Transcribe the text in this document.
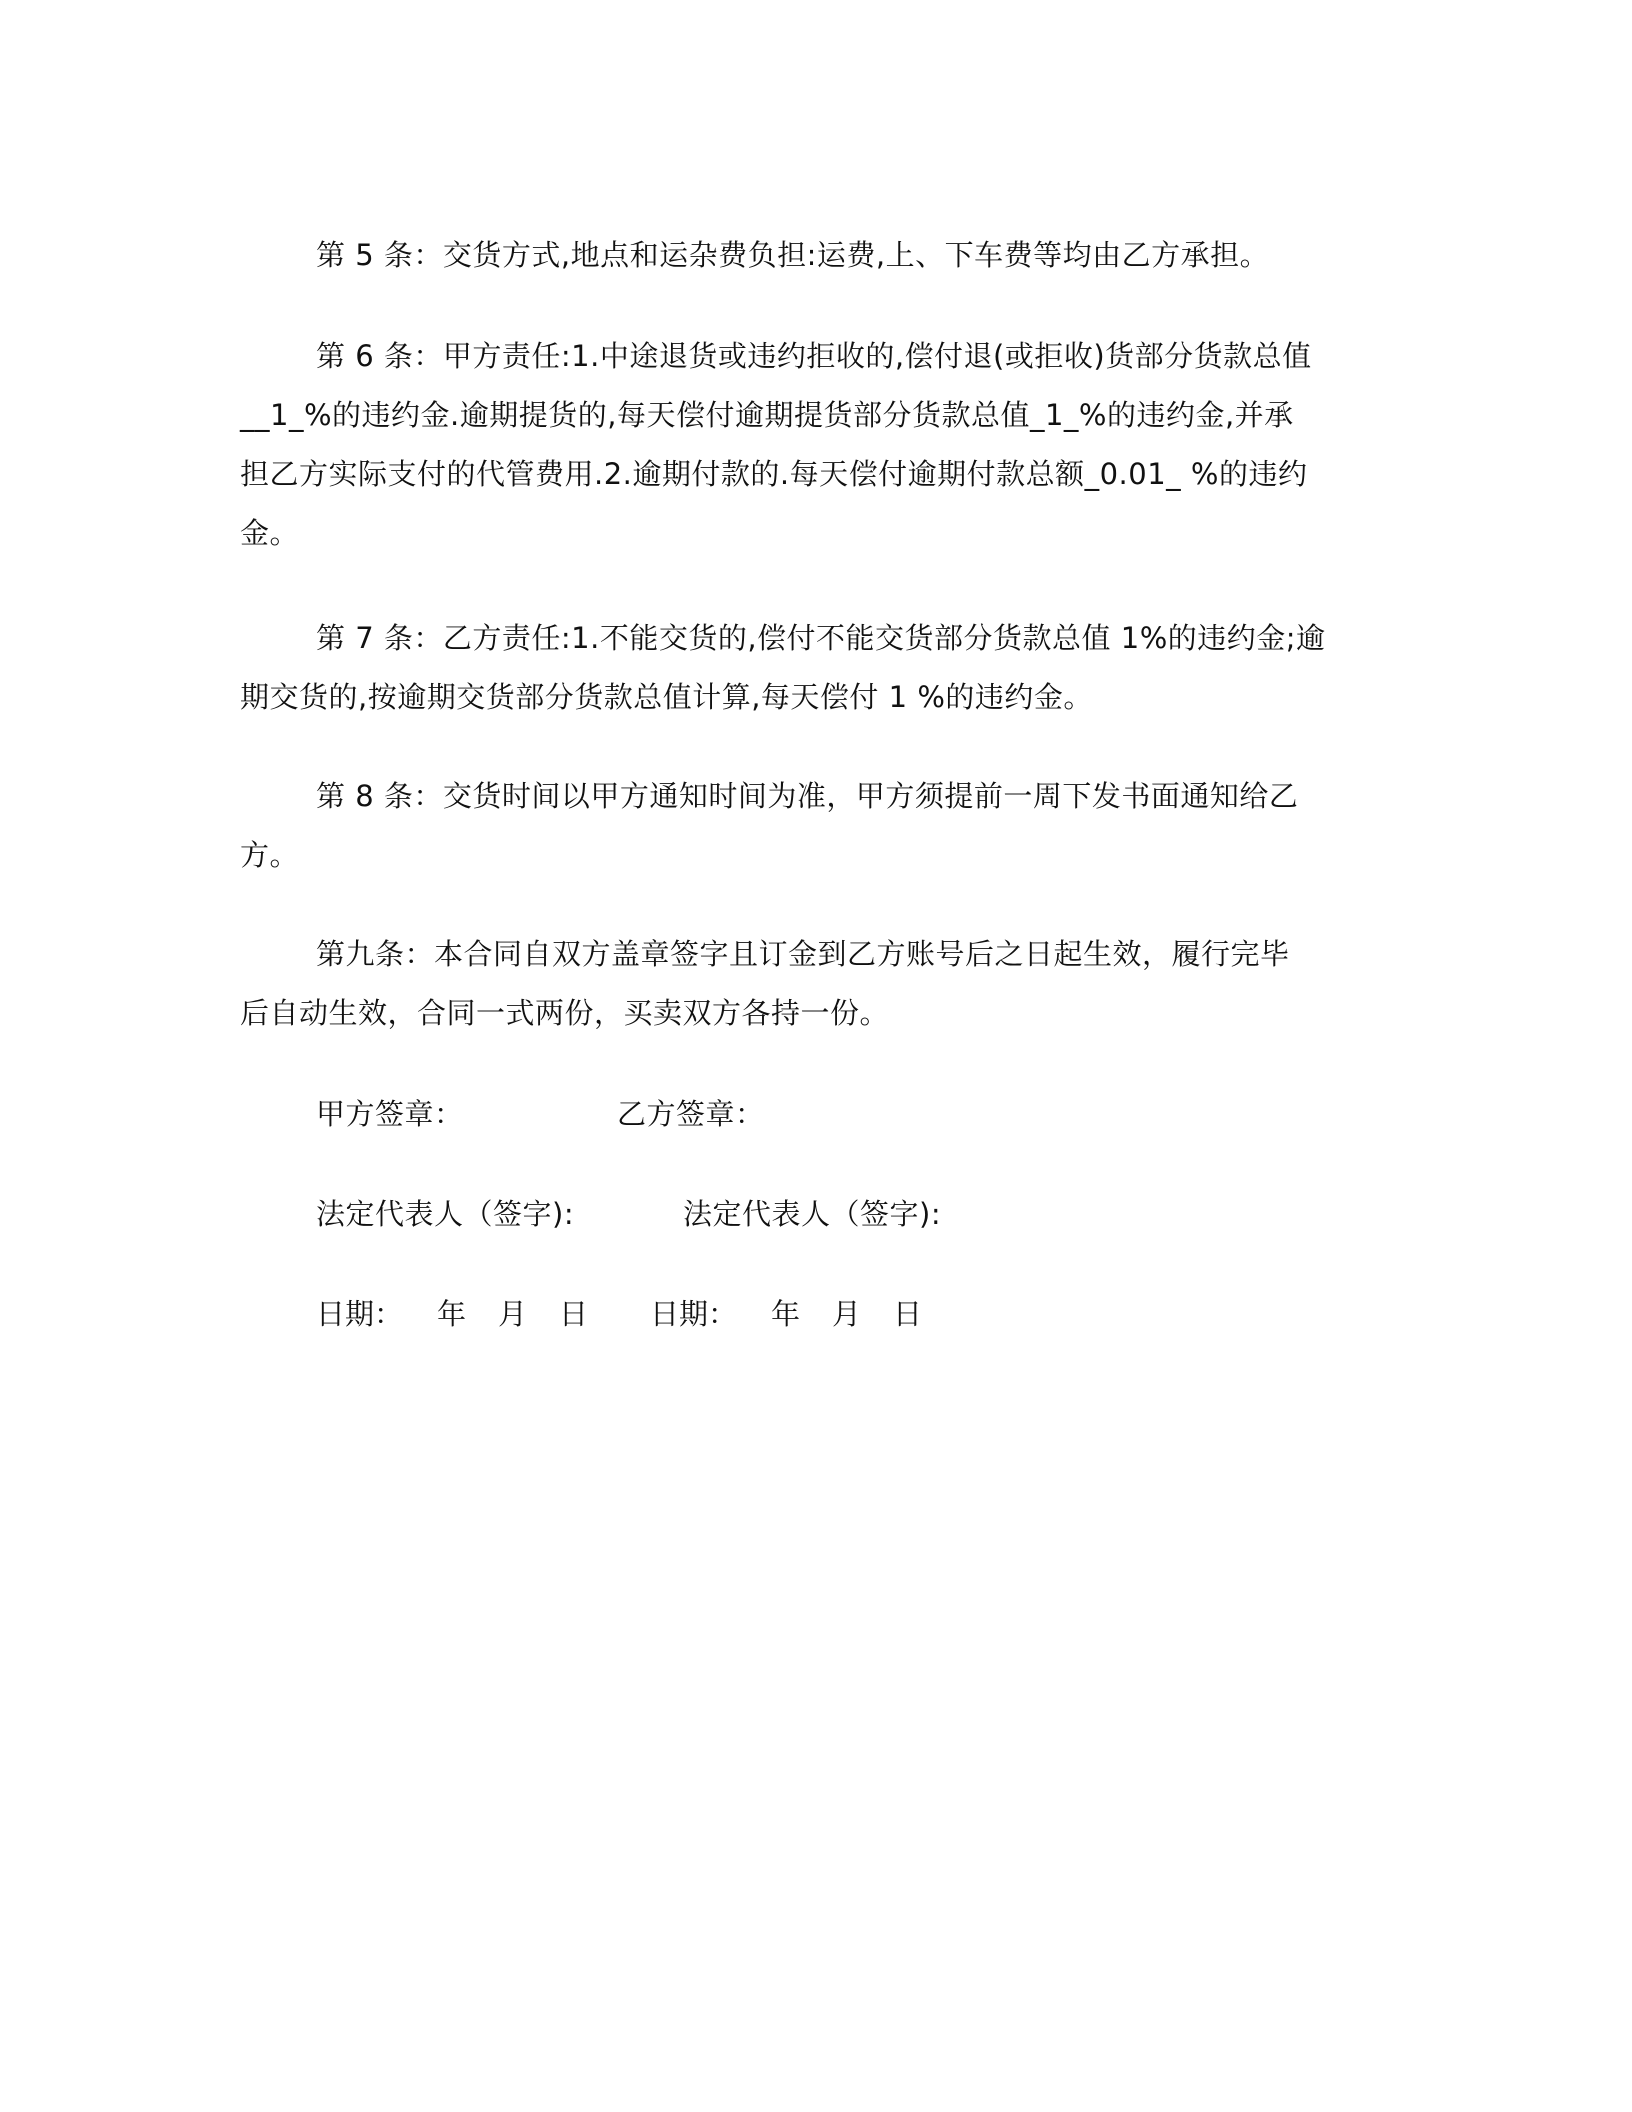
第 5 条：交货方式,地点和运杂费负担:运费,上、下车费等均由乙方承担。
第 6 条：甲方责任:1.中途退货或违约拒收的,偿付退(或拒收)货部分货款总值
__1_%的违约金.逾期提货的,每天偿付逾期提货部分货款总值_1_%的违约金,并承
担乙方实际支付的代管费用.2.逾期付款的.每天偿付逾期付款总额_0.01_ %的违约
金。
第 7 条：乙方责任:1.不能交货的,偿付不能交货部分货款总值 1%的违约金;逾
期交货的,按逾期交货部分货款总值计算,每天偿付 1 %的违约金。
第 8 条：交货时间以甲方通知时间为准，甲方须提前一周下发书面通知给乙
方。
第九条：本合同自双方盖章签字且订金到乙方账号后之日起生效，履行完毕
后自动生效，合同一式两份，买卖双方各持一份。
甲方签章：	乙方签章：
法定代表人（签字):	法定代表人（签字):
日期： 年 月 日 日期： 年 月 日
